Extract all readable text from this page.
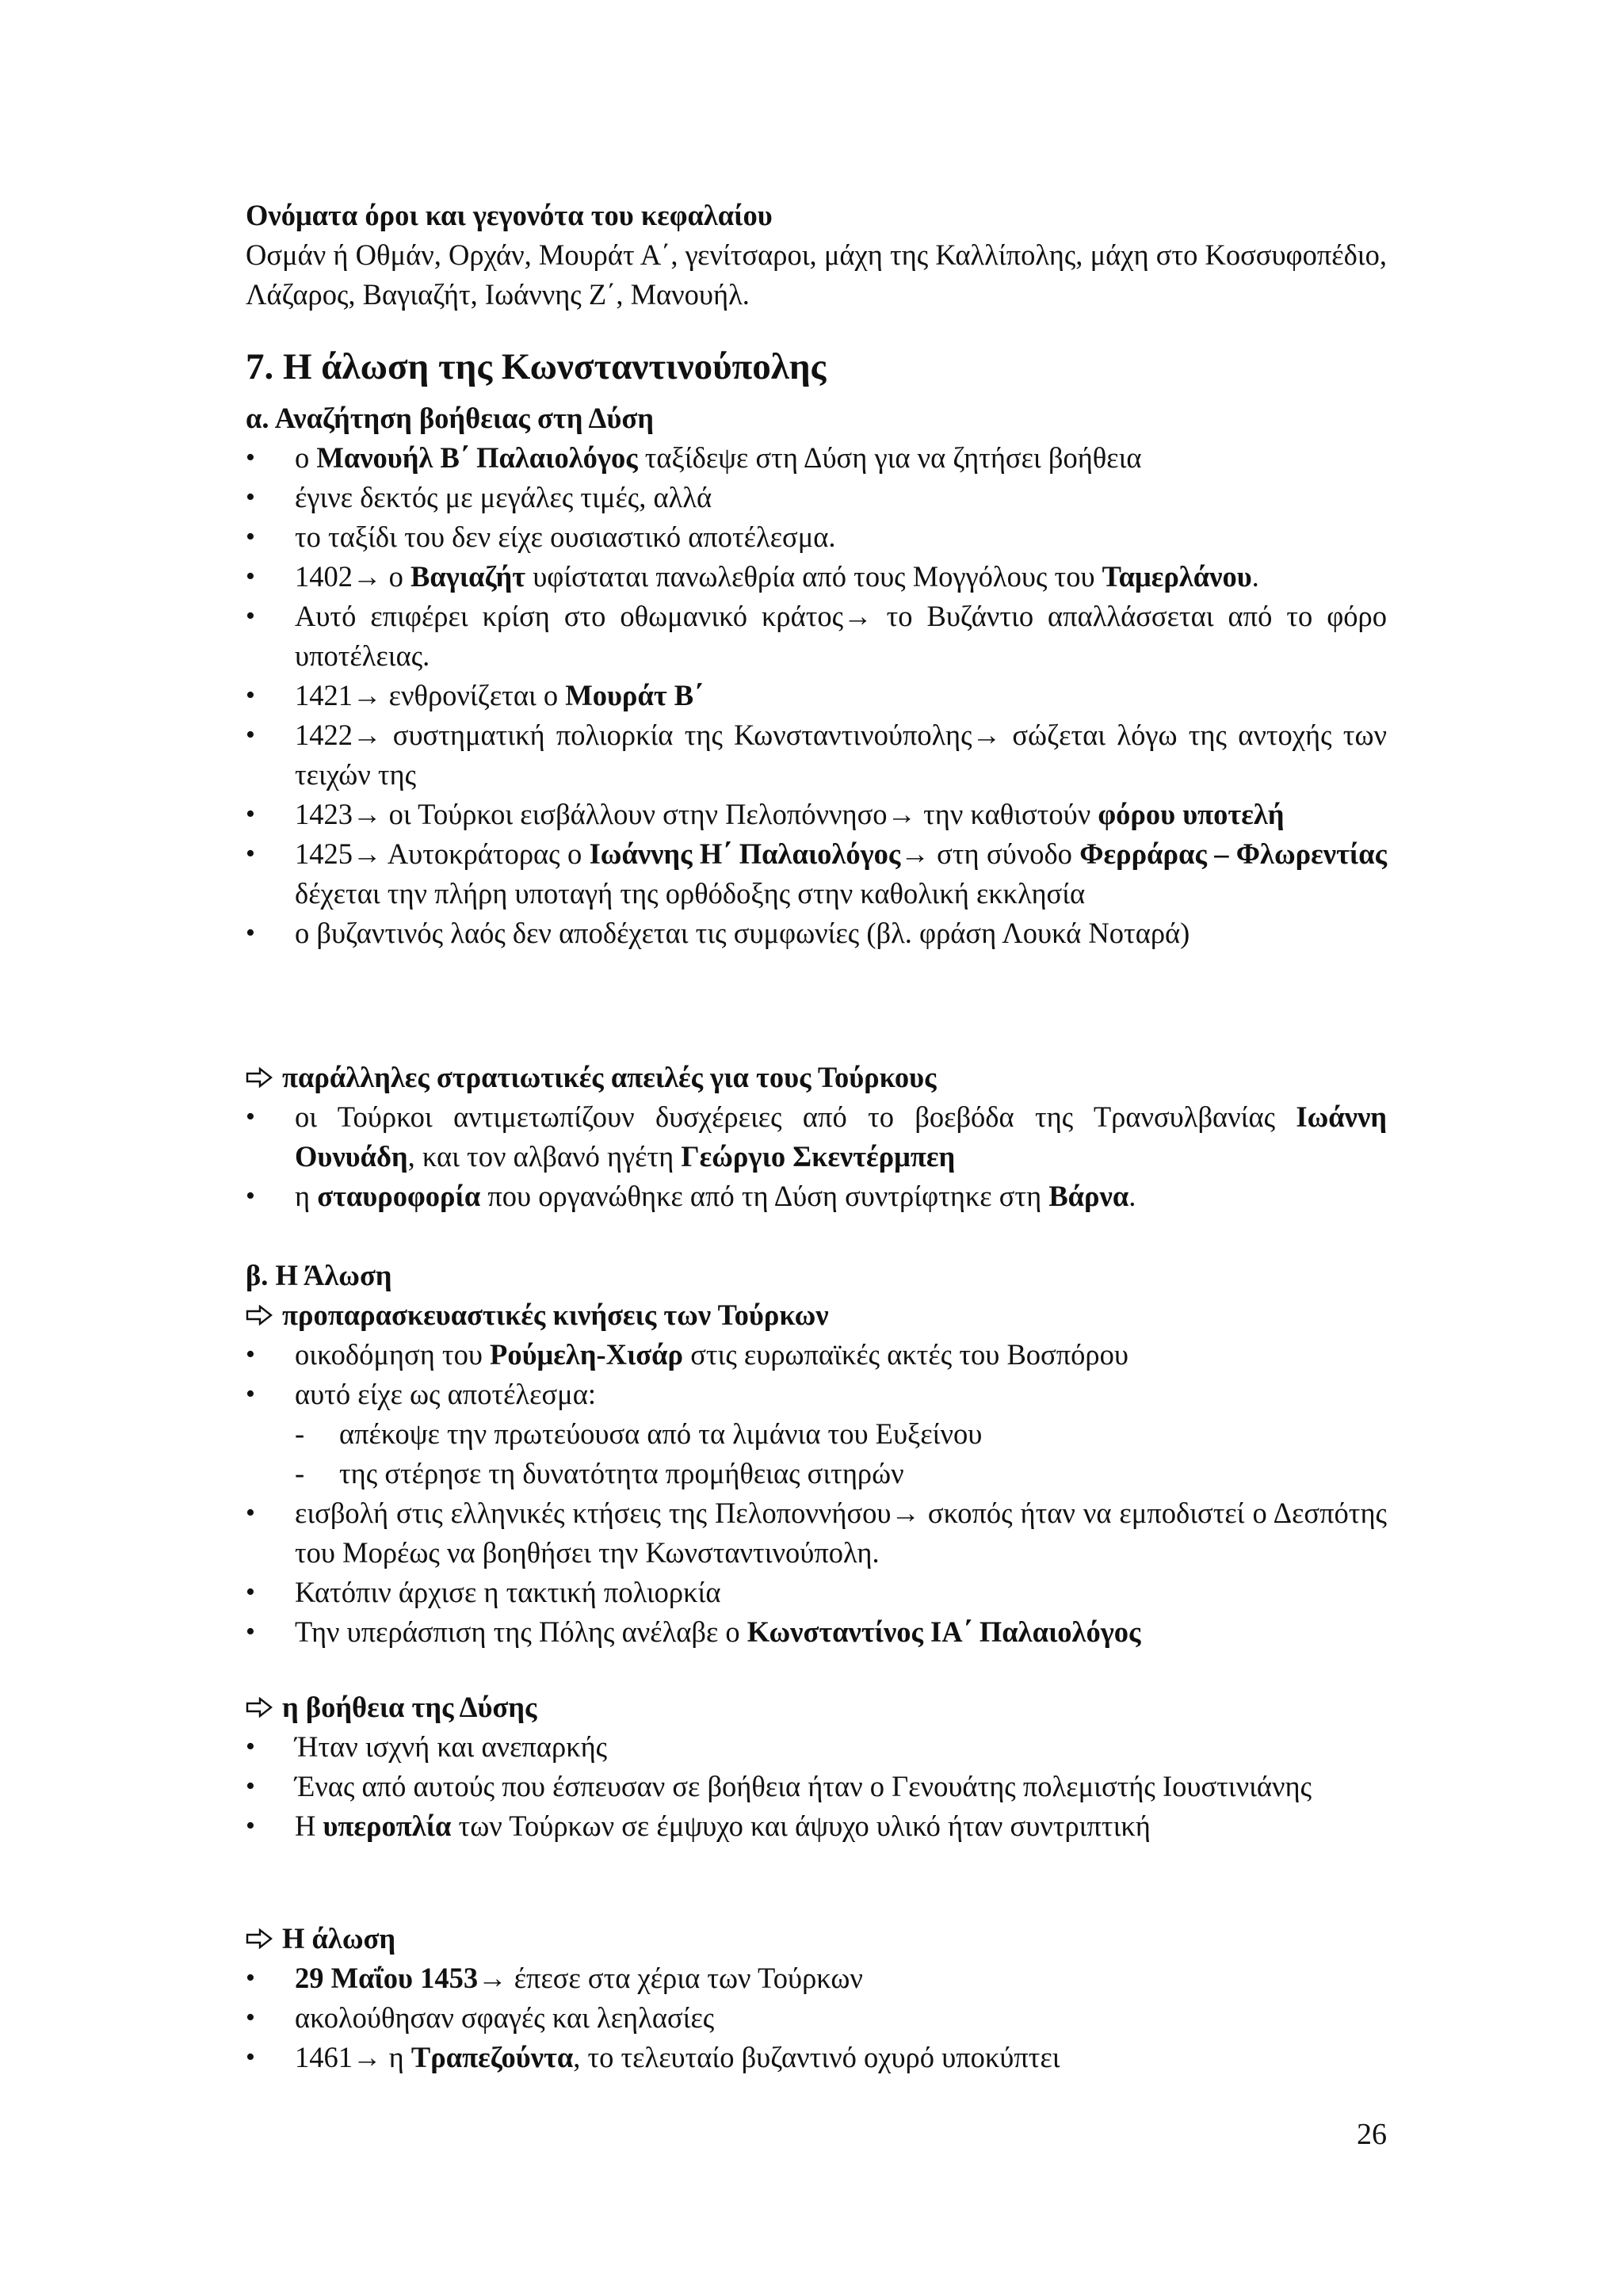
Ονόματα όροι και γεγονότα του κεφαλαίου
Οσμάν ή Οθμάν, Ορχάν, Μουράτ Α΄, γενίτσαροι, μάχη της Καλλίπολης, μάχη στο Κοσσυφοπέδιο, Λάζαρος, Βαγιαζήτ, Ιωάννης Ζ΄, Μανουήλ.
7. Η άλωση της Κωνσταντινούπολης
α. Αναζήτηση βοήθειας στη Δύση
• ο Μανουήλ Β΄ Παλαιολόγος ταξίδεψε στη Δύση για να ζητήσει βοήθεια
• έγινε δεκτός με μεγάλες τιμές, αλλά
• το ταξίδι του δεν είχε ουσιαστικό αποτέλεσμα.
• 1402→ ο Βαγιαζήτ υφίσταται πανωλεθρία από τους Μογγόλους του Ταμερλάνου.
• Αυτό επιφέρει κρίση στο οθωμανικό κράτος→ το Βυζάντιο απαλλάσσεται από το φόρο υποτέλειας.
• 1421→ ενθρονίζεται ο Μουράτ Β΄
• 1422→ συστηματική πολιορκία της Κωνσταντινούπολης→ σώζεται λόγω της αντοχής των τειχών της
• 1423→ οι Τούρκοι εισβάλλουν στην Πελοπόννησο→ την καθιστούν φόρου υποτελή
• 1425→ Αυτοκράτορας ο Ιωάννης Η΄ Παλαιολόγος→ στη σύνοδο Φερράρας – Φλωρεντίας δέχεται την πλήρη υποταγή της ορθόδοξης στην καθολική εκκλησία
• ο βυζαντινός λαός δεν αποδέχεται τις συμφωνίες (βλ. φράση Λουκά Νοταρά)
παράλληλες στρατιωτικές απειλές για τους Τούρκους
• οι Τούρκοι αντιμετωπίζουν δυσχέρειες από το βοεβόδα της Τρανσυλβανίας Ιωάννη Ουνυάδη, και τον αλβανό ηγέτη Γεώργιο Σκεντέρμπεη
• η σταυροφορία που οργανώθηκε από τη Δύση συντρίφτηκε στη Βάρνα.
β. Η Άλωση
προπαρασκευαστικές κινήσεις των Τούρκων
• οικοδόμηση του Ρούμελη-Χισάρ στις ευρωπαϊκές ακτές του Βοσπόρου
• αυτό είχε ως αποτέλεσμα:
- απέκοψε την πρωτεύουσα από τα λιμάνια του Ευξείνου
- της στέρησε τη δυνατότητα προμήθειας σιτηρών
• εισβολή στις ελληνικές κτήσεις της Πελοποννήσου→ σκοπός ήταν να εμποδιστεί ο Δεσπότης του Μορέως να βοηθήσει την Κωνσταντινούπολη.
• Κατόπιν άρχισε η τακτική πολιορκία
• Την υπεράσπιση της Πόλης ανέλαβε ο Κωνσταντίνος ΙΑ΄ Παλαιολόγος
η βοήθεια της Δύσης
• Ήταν ισχνή και ανεπαρκής
• Ένας από αυτούς που έσπευσαν σε βοήθεια ήταν ο Γενουάτης πολεμιστής Ιουστινιάνης
• Η υπεροπλία των Τούρκων σε έμψυχο και άψυχο υλικό ήταν συντριπτική
Η άλωση
• 29 Μαΐου 1453→ έπεσε στα χέρια των Τούρκων
• ακολούθησαν σφαγές και λεηλασίες
• 1461→ η Τραπεζούντα, το τελευταίο βυζαντινό οχυρό υποκύπτει
26
